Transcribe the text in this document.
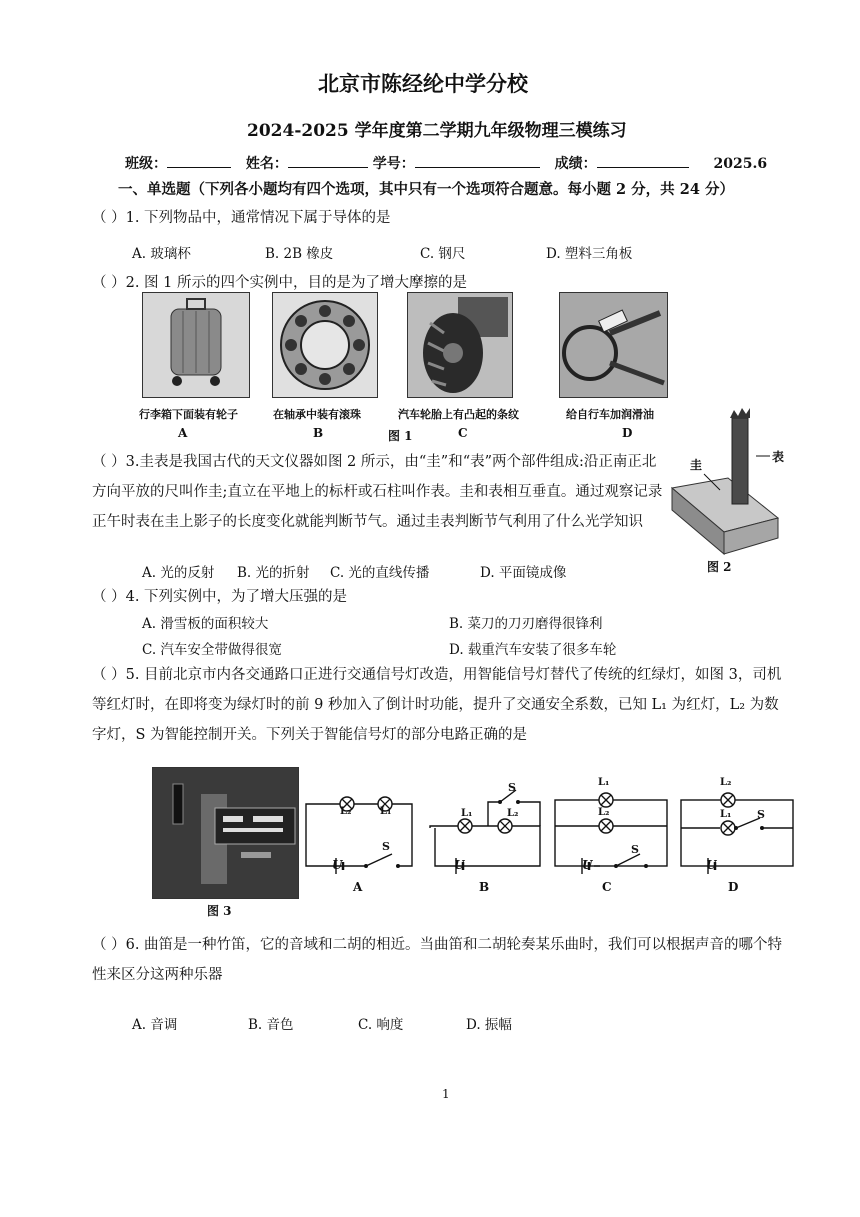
北京市陈经纶中学分校
2024-2025 学年度第二学期九年级物理三模练习
班级：	姓名：	学号：	成绩：	2025.6
一、单选题（下列各小题均有四个选项，其中只有一个选项符合题意。每小题 2 分，共 24 分）
（ ）1. 下列物品中，通常情况下属于导体的是
A. 玻璃杯	B. 2B 橡皮	C. 钢尺	D. 塑料三角板
（ ）2. 图 1 所示的四个实例中，目的是为了增大摩擦的是
行李箱下面装有轮子	在轴承中装有滚珠	汽车轮胎上有凸起的条纹	给自行车加润滑油
A	B	图 1	C	D
（ ）3.圭表是我国古代的天文仪器如图 2 所示，由“圭”和“表”两个部件组成:沿正南正北方向平放的尺叫作圭;直立在平地上的标杆或石柱叫作表。圭和表相互垂直。通过观察记录正午时表在圭上影子的长度变化就能判断节气。通过圭表判断节气利用了什么光学知识
A. 光的反射 B. 光的折射 C. 光的直线传播	D. 平面镜成像
圭
表
图 2
（ ）4. 下列实例中，为了增大压强的是
A. 滑雪板的面积较大	B. 菜刀的刀刃磨得很锋利
C. 汽车安全带做得很宽	D. 载重汽车安装了很多车轮
（ ）5. 目前北京市内各交通路口正进行交通信号灯改造，用智能信号灯替代了传统的红绿灯，如图 3，司机等红灯时，在即将变为绿灯时的前 9 秒加入了倒计时功能，提升了交通安全系数，已知 L₁ 为红灯，L₂ 为数字灯，S 为智能控制开关。下列关于智能信号灯的部分电路正确的是
图 3
L₂	L₁
S
U
A
L₁	L₂
S
U
B
L₁
L₂
S
U
C
L₂
L₁ S
U
D
（ ）6. 曲笛是一种竹笛，它的音域和二胡的相近。当曲笛和二胡轮奏某乐曲时，我们可以根据声音的哪个特性来区分这两种乐器
A. 音调	B. 音色	C. 响度	D. 振幅
1
